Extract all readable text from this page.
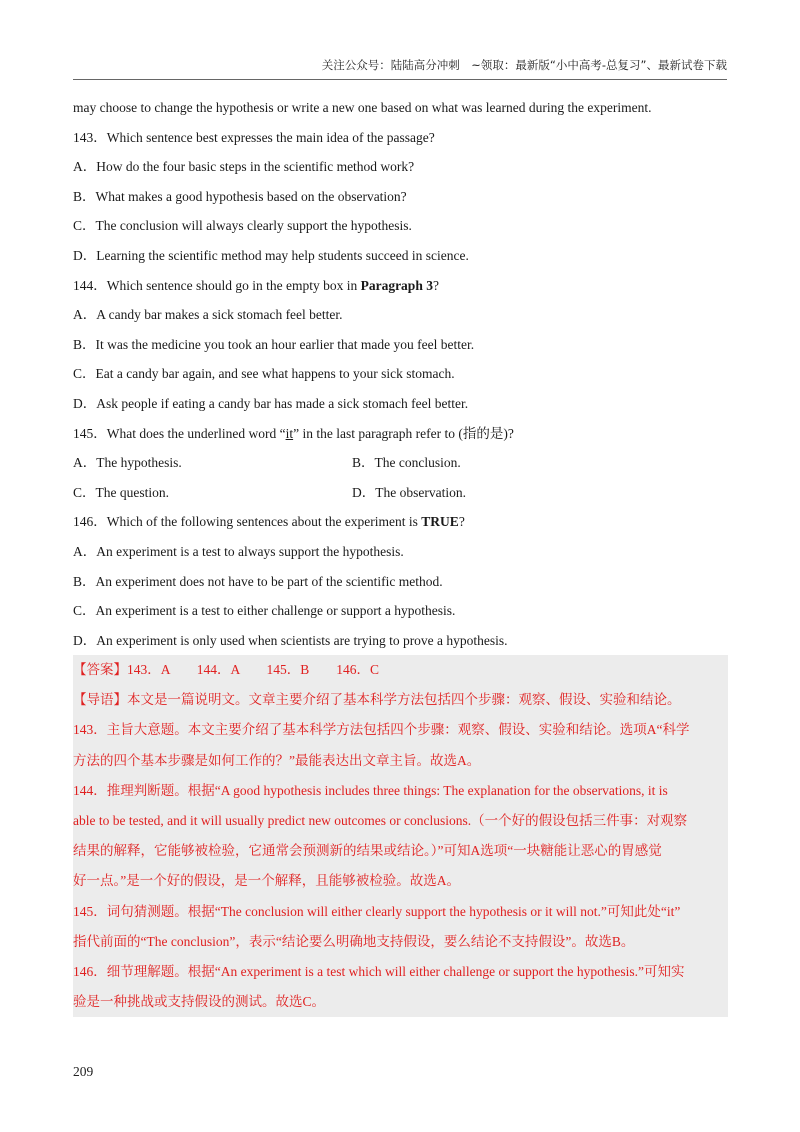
关注公众号：陆陆高分冲刺　~领取：最新版“小中高考-总复习”、最新试卷下载
may choose to change the hypothesis or write a new one based on what was learned during the experiment.
143．Which sentence best expresses the main idea of the passage?
A．How do the four basic steps in the scientific method work?
B．What makes a good hypothesis based on the observation?
C．The conclusion will always clearly support the hypothesis.
D．Learning the scientific method may help students succeed in science.
144．Which sentence should go in the empty box in Paragraph 3?
A．A candy bar makes a sick stomach feel better.
B．It was the medicine you took an hour earlier that made you feel better.
C．Eat a candy bar again, and see what happens to your sick stomach.
D．Ask people if eating a candy bar has made a sick stomach feel better.
145．What does the underlined word “it” in the last paragraph refer to (指的是)?
A．The hypothesis.	B．The conclusion.
C．The question.	D．The observation.
146．Which of the following sentences about the experiment is TRUE?
A．An experiment is a test to always support the hypothesis.
B．An experiment does not have to be part of the scientific method.
C．An experiment is a test to either challenge or support a hypothesis.
D．An experiment is only used when scientists are trying to prove a hypothesis.
【答案】143．A　　144．A　　145．B　　146．C
【导语】本文是一篇说明文。文章主要介绍了基本科学方法包括四个步骤：观察、假设、实验和结论。
143．主旨大意题。本文主要介绍了基本科学方法包括四个步骤：观察、假设、实验和结论。选项A“科学
方法的四个基本步骤是如何工作的？”最能表达出文章主旨。故选A。
144．推理判断题。根据“A good hypothesis includes three things: The explanation for the observations, it is
able to be tested, and it will usually predict new outcomes or conclusions.（一个好的假设包括三件事：对观察
结果的解释，它能够被检验，它通常会预测新的结果或结论。）”可知A选项“一块糖能让恶心的胃感觉
好一点。”是一个好的假设，是一个解释，且能够被检验。故选A。
145．词句猜测题。根据“The conclusion will either clearly support the hypothesis or it will not.”可知此处“it”
指代前面的“The conclusion”，表示“结论要么明确地支持假设，要么结论不支持假设”。故选B。
146．细节理解题。根据“An experiment is a test which will either challenge or support the hypothesis.”可知实
验是一种挑战或支持假设的测试。故选C。
209
